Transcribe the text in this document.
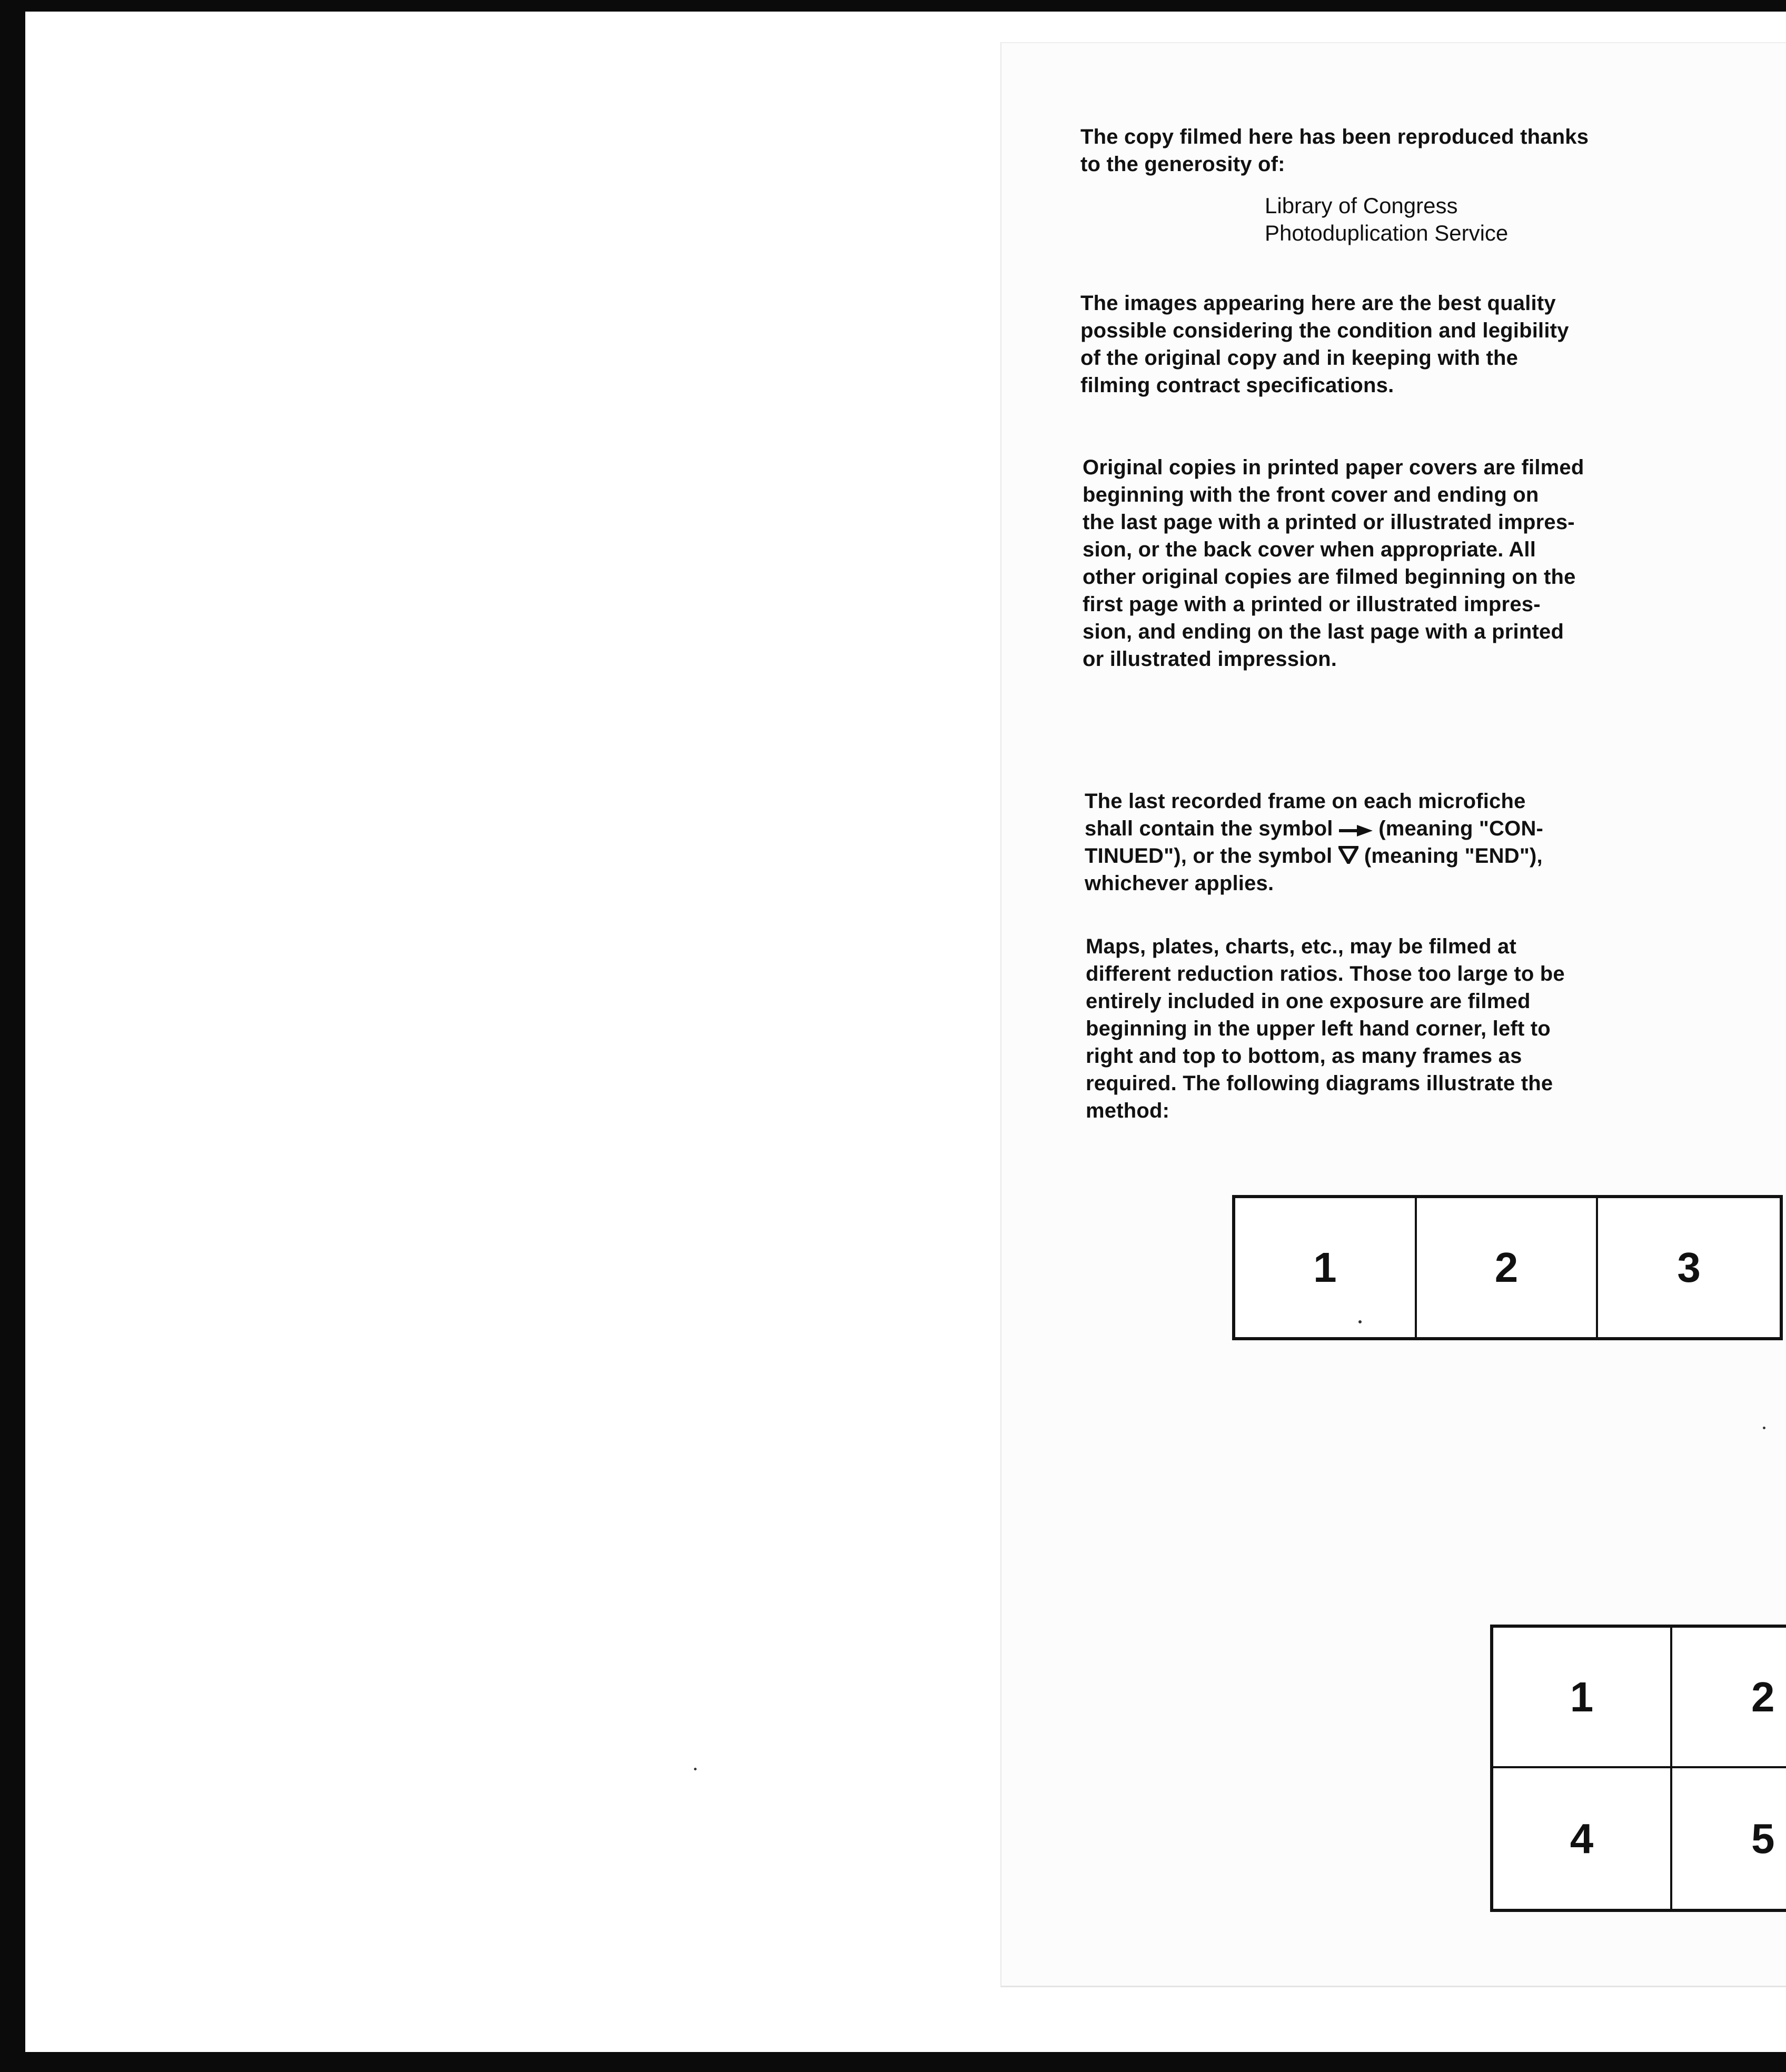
The copy filmed here has been reproduced thanks

to the generosity of:

Library of Congress

Photoduplication Service

The images appearing here are the best quality

possible considering the condition and legibility

of the original copy and in keeping with the

filming contract specifications.

Original copies in printed paper covers are filmed

beginning with the front cover and ending on

the last page with a printed or illustrated impres-

sion, or the back cover when appropriate. All

other original copies are filmed beginning on the

first page with a printed or illustrated impres-

sion, and ending on the last page with a printed

or illustrated impression.

The last recorded frame on each microfiche

shall contain the symbol  (meaning "CON-

TINUED"), or the symbol  (meaning "END"),

whichever applies.

Maps, plates, charts, etc., may be filmed at

different reduction ratios. Those too large to be

entirely included in one exposure are filmed

beginning in the upper left hand corner, left to

right and top to bottom, as many frames as

required. The following diagrams illustrate the

method:

1	2	3
1	2
4	5
